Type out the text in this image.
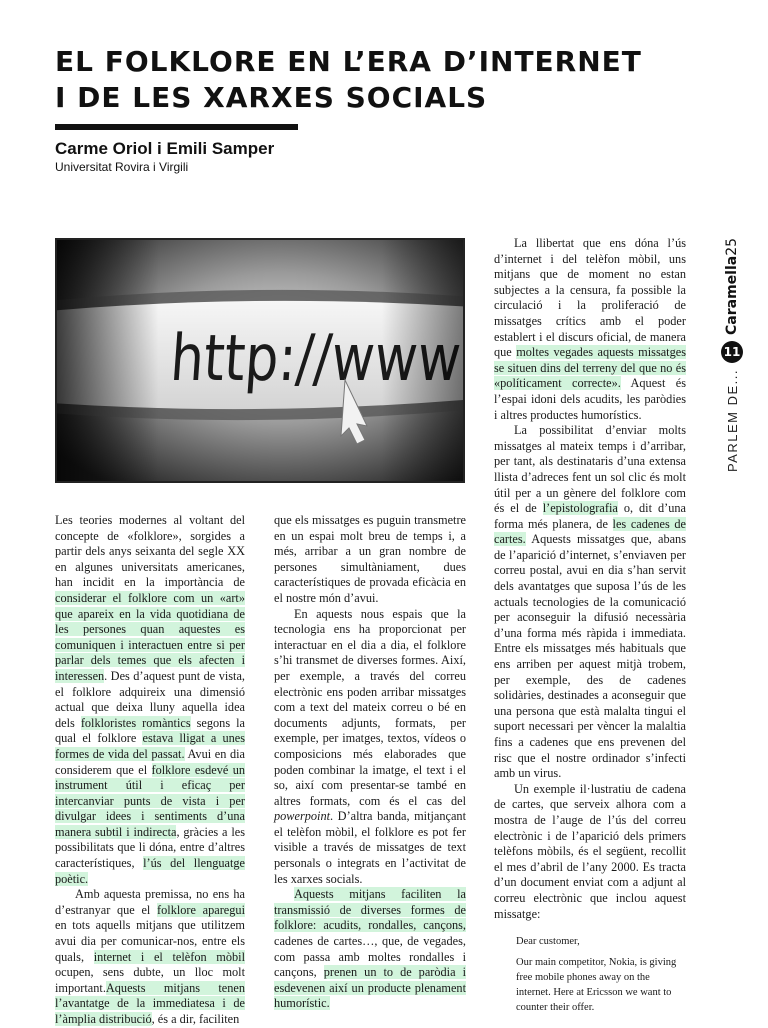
EL FOLKLORE EN L’ERA D’INTERNET
I DE LES XARXES SOCIALS
Carme Oriol i Emili Samper
Universitat Rovira i Virgili

Les teories modernes al voltant del concepte de «folklore», sorgides a partir dels anys seixanta del segle XX en algunes universitats americanes, han incidit en la importància de considerar el folklore com un «art» que apareix en la vida quotidiana de les persones quan aquestes es comuniquen i interactuen entre si per parlar dels temes que els afecten i interessen. Des d’aquest punt de vista, el folklore adquireix una dimensió actual que deixa lluny aquella idea dels folkloristes romàntics segons la qual el folklore estava lligat a unes formes de vida del passat. Avui en dia considerem que el folklore esdevé un instrument útil i eficaç per intercanviar punts de vista i per divulgar idees i sentiments d’una manera subtil i indirecta, gràcies a les possibilitats que li dóna, entre d’altres característiques, l’ús del llenguatge poètic.

Amb aquesta premissa, no ens ha d’estranyar que el folklore aparegui en tots aquells mitjans que utilitzem avui dia per comunicar-nos, entre els quals, internet i el telèfon mòbil ocupen, sens dubte, un lloc molt important.Aquests mitjans tenen l’avantatge de la immediatesa i de l’àmplia distribució, és a dir, faciliten

que els missatges es puguin transmetre en un espai molt breu de temps i, a més, arribar a un gran nombre de persones simultàniament, dues característiques de provada eficàcia en el nostre món d’avui.

En aquests nous espais que la tecnologia ens ha proporcionat per interactuar en el dia a dia, el folklore s’hi transmet de diverses formes. Així, per exemple, a través del correu electrònic ens poden arribar missatges com a text del mateix correu o bé en documents adjunts, formats, per exemple, per imatges, textos, vídeos o composicions més elaborades que poden combinar la imatge, el text i el so, així com presentar-se també en altres formats, com és el cas del powerpoint. D’altra banda, mitjançant el telèfon mòbil, el folklore es pot fer visible a través de missatges de text personals o integrats en l’activitat de les xarxes socials.

Aquests mitjans faciliten la transmissió de diverses formes de folklore: acudits, rondalles, cançons, cadenes de cartes…, que, de vegades, com passa amb moltes rondalles i cançons, prenen un to de paròdia i esdevenen així un producte plenament humorístic.

La llibertat que ens dóna l’ús d’internet i del telèfon mòbil, uns mitjans que de moment no estan subjectes a la censura, fa possible la circulació i la proliferació de missatges crítics amb el poder establert i el discurs oficial, de manera que moltes vegades aquests missatges se situen dins del terreny del que no és «políticament correcte». Aquest és l’espai idoni dels acudits, les paròdies i altres productes humorístics.

La possibilitat d’enviar molts missatges al mateix temps i d’arribar, per tant, als destinataris d’una extensa llista d’adreces fent un sol clic és molt útil per a un gènere del folklore com és el de l’epistolografia o, dit d’una forma més planera, de les cadenes de cartes. Aquests missatges que, abans de l’aparició d’internet, s’enviaven per correu postal, avui en dia s’han servit dels avantatges que suposa l’ús de les actuals tecnologies de la comunicació per aconseguir la difusió necessària d’una forma més ràpida i immediata. Entre els missatges més habituals que ens arriben per aquest mitjà trobem, per exemple, des de cadenes solidàries, destinades a aconseguir que una persona que està malalta tingui el suport necessari per vèncer la malaltia fins a cadenes que ens prevenen del risc que el nostre ordinador s’infecti amb un virus.

Un exemple il·lustratiu de cadena de cartes, que serveix alhora com a mostra de l’auge de l’ús del correu electrònic i de l’aparició dels primers telèfons mòbils, és el següent, recollit el mes d’abril de l’any 2000. Es tracta d’un document enviat com a adjunt al correu electrònic que inclou aquest missatge:

Dear customer,
Our main competitor, Nokia, is giving free mobile phones away on the internet. Here at Ericsson we want to counter their offer.
PARLEM DE...
11
Caramella25
